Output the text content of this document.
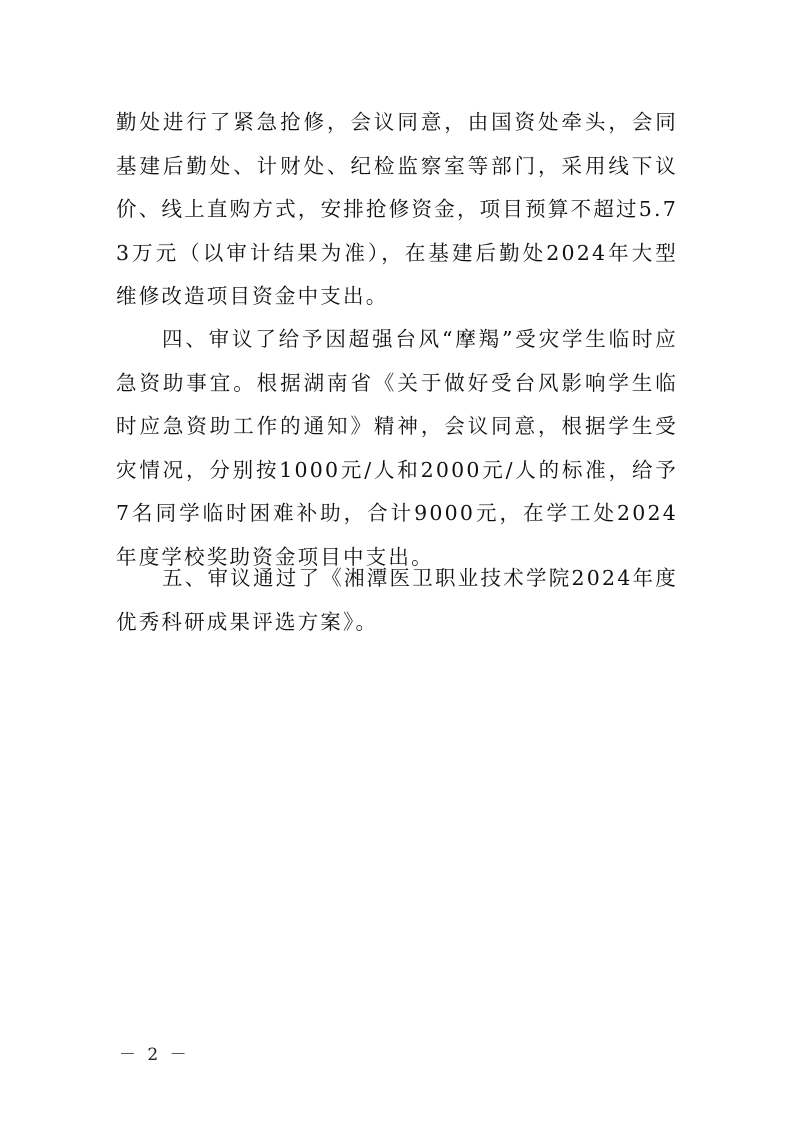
勤处进行了紧急抢修，会议同意，由国资处牵头，会同基建后勤处、计财处、纪检监察室等部门，采用线下议价、线上直购方式，安排抢修资金，项目预算不超过5.73万元（以审计结果为准），在基建后勤处2024年大型维修改造项目资金中支出。

四、审议了给予因超强台风“摩羯”受灾学生临时应急资助事宜。根据湖南省《关于做好受台风影响学生临时应急资助工作的通知》精神，会议同意，根据学生受灾情况，分别按1000元/人和2000元/人的标准，给予7名同学临时困难补助，合计9000元，在学工处2024年度学校奖助资金项目中支出。

五、审议通过了《湘潭医卫职业技术学院2024年度优秀科研成果评选方案》。

－ 2 －
